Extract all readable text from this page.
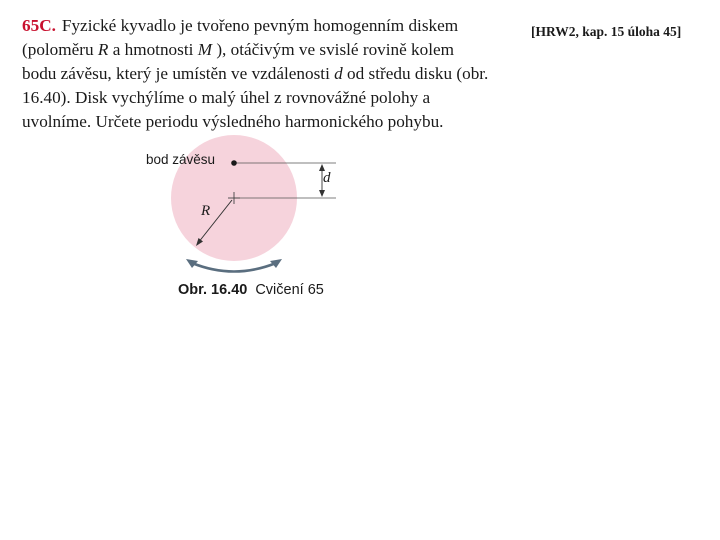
65C. Fyzické kyvadlo je tvořeno pevným homogenním diskem (poloměru R a hmotnosti M ), otáčivým ve svislé rovině kolem bodu závěsu, který je umístěn ve vzdálenosti d od středu disku (obr. 16.40). Disk vychýlíme o malý úhel z rovnovážné polohy a uvolníme. Určete periodu výsledného harmonického pohybu.
[HRW2, kap. 15 úloha 45]
bod závěsu
d
R
Obr. 16.40 Cvičení 65
